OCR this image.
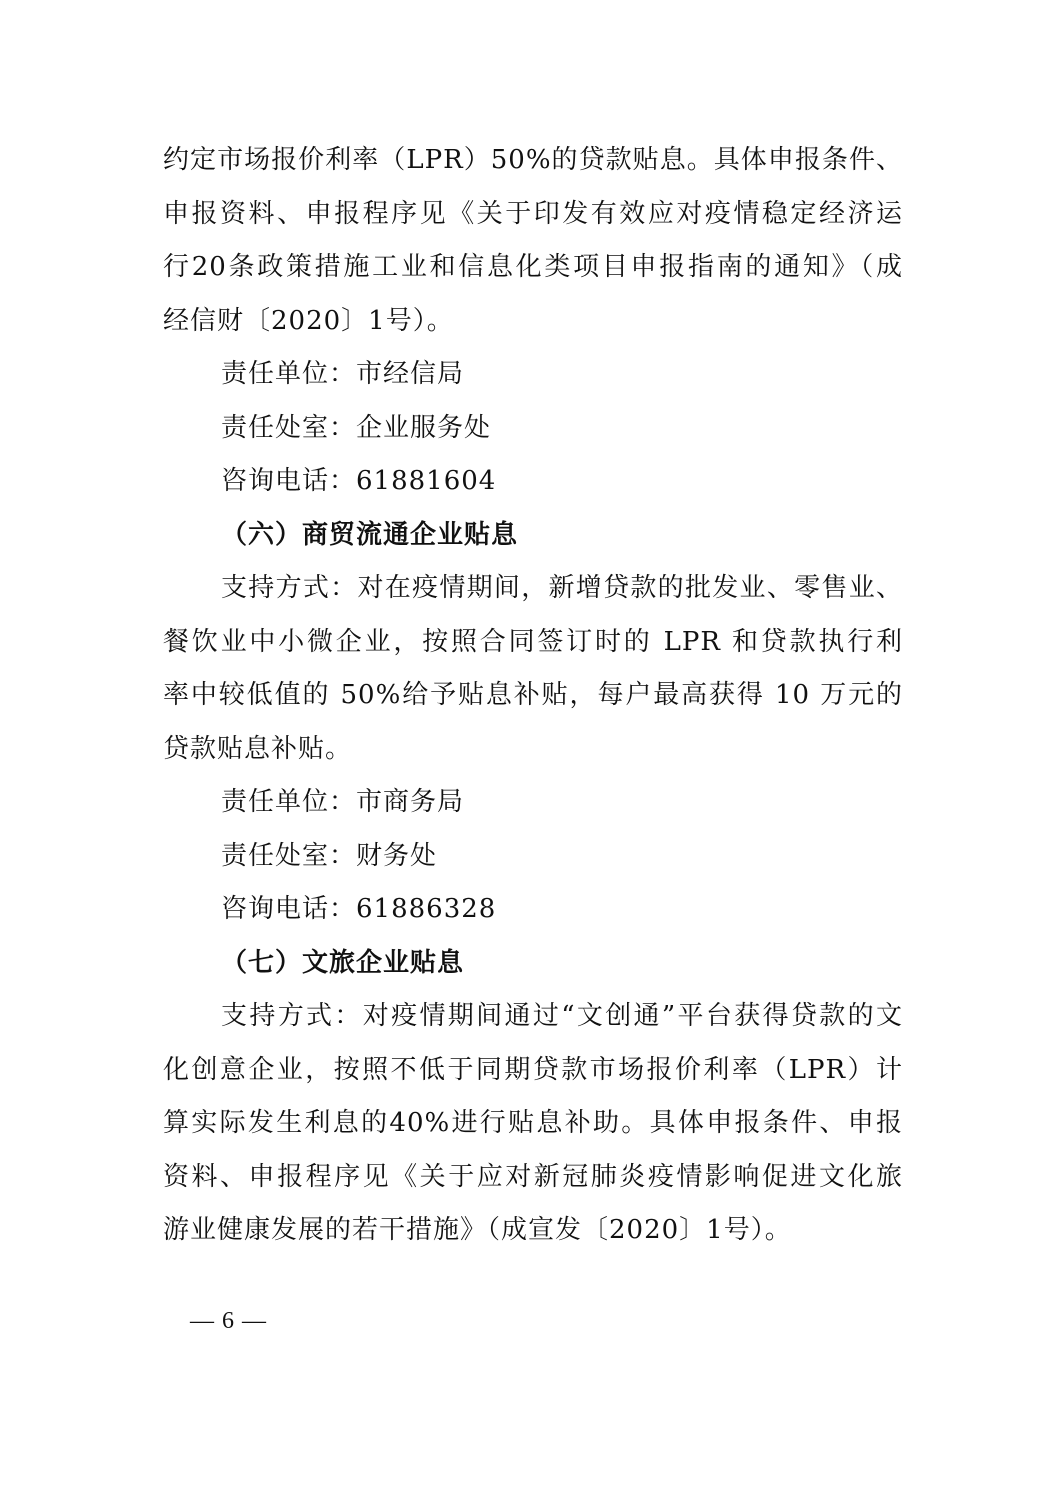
约定市场报价利率（LPR）50%的贷款贴息。具体申报条件、
申报资料、申报程序见《关于印发有效应对疫情稳定经济运
行20条政策措施工业和信息化类项目申报指南的通知》（成
经信财〔2020〕1号）。
责任单位：市经信局
责任处室：企业服务处
咨询电话：61881604
（六）商贸流通企业贴息
支持方式：对在疫情期间，新增贷款的批发业、零售业、
餐饮业中小微企业，按照合同签订时的 LPR 和贷款执行利
率中较低值的 50%给予贴息补贴，每户最高获得 10 万元的
贷款贴息补贴。
责任单位：市商务局
责任处室：财务处
咨询电话：61886328
（七）文旅企业贴息
支持方式：对疫情期间通过“文创通”平台获得贷款的文
化创意企业，按照不低于同期贷款市场报价利率（LPR）计
算实际发生利息的40%进行贴息补助。具体申报条件、申报
资料、申报程序见《关于应对新冠肺炎疫情影响促进文化旅
游业健康发展的若干措施》（成宣发〔2020〕1号）。
— 6 —
